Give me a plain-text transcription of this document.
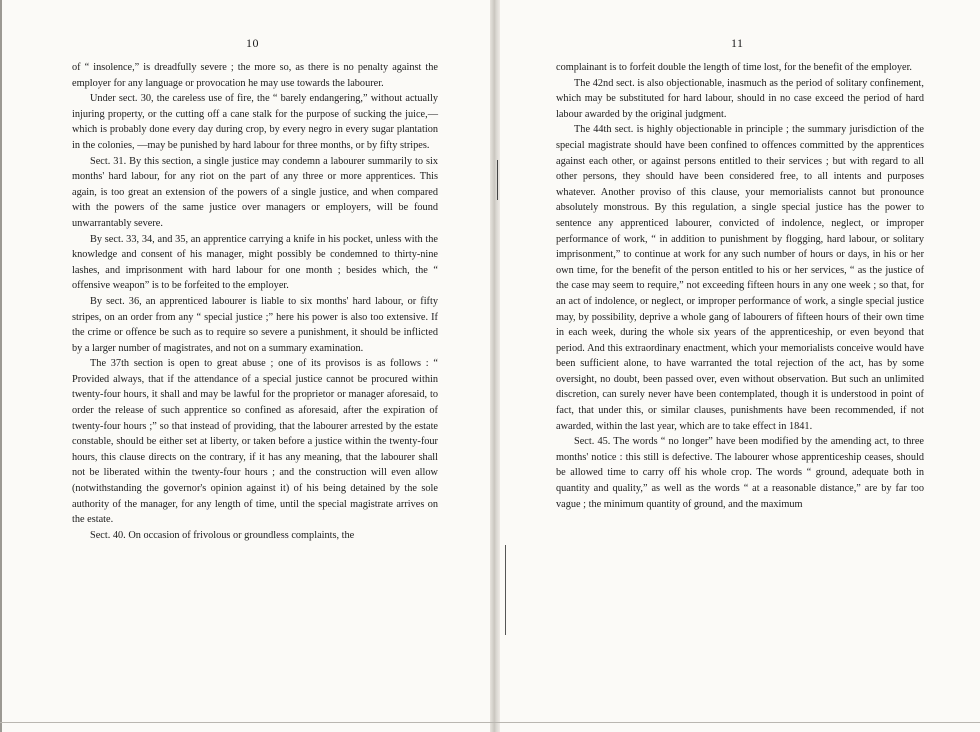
10	11

of “ insolence,” is dreadfully severe ; the more so, as there is no penalty against the employer for any language or provocation he may use towards the labourer.

Under sect. 30, the careless use of fire, the “ barely endangering,” without actually injuring property, or the cutting off a cane stalk for the purpose of sucking the juice,—which is probably done every day during crop, by every negro in every sugar plantation in the colonies, —may be punished by hard labour for three months, or by fifty stripes.

Sect. 31. By this section, a single justice may condemn a labourer summarily to six months' hard labour, for any riot on the part of any three or more apprentices. This again, is too great an extension of the powers of a single justice, and when compared with the powers of the same justice over managers or employers, will be found unwarrantably severe.

By sect. 33, 34, and 35, an apprentice carrying a knife in his pocket, unless with the knowledge and consent of his manager, might possibly be condemned to thirty-nine lashes, and imprisonment with hard labour for one month ; besides which, the “ offensive weapon” is to be forfeited to the employer.

By sect. 36, an apprenticed labourer is liable to six months' hard labour, or fifty stripes, on an order from any “ special justice ;” here his power is also too extensive. If the crime or offence be such as to require so severe a punishment, it should be inflicted by a larger number of magistrates, and not on a summary examination.

The 37th section is open to great abuse ; one of its provisos is as follows : “ Provided always, that if the attendance of a special justice cannot be procured within twenty-four hours, it shall and may be lawful for the proprietor or manager aforesaid, to order the release of such apprentice so confined as aforesaid, after the expiration of twenty-four hours ;” so that instead of providing, that the labourer arrested by the estate constable, should be either set at liberty, or taken before a justice within the twenty-four hours, this clause directs on the contrary, if it has any meaning, that the labourer shall not be liberated within the twenty-four hours ; and the construction will even allow (notwithstanding the governor's opinion against it) of his being detained by the sole authority of the manager, for any length of time, until the special magistrate arrives on the estate.

Sect. 40. On occasion of frivolous or groundless complaints, the

complainant is to forfeit double the length of time lost, for the benefit of the employer.

The 42nd sect. is also objectionable, inasmuch as the period of solitary confinement, which may be substituted for hard labour, should in no case exceed the period of hard labour awarded by the original judgment.

The 44th sect. is highly objectionable in principle ; the summary jurisdiction of the special magistrate should have been confined to offences committed by the apprentices against each other, or against persons entitled to their services ; but with regard to all other persons, they should have been considered free, to all intents and purposes whatever. Another proviso of this clause, your memorialists cannot but pronounce absolutely monstrous. By this regulation, a single special justice has the power to sentence any apprenticed labourer, convicted of indolence, neglect, or improper performance of work, “ in addition to punishment by flogging, hard labour, or solitary imprisonment,” to continue at work for any such number of hours or days, in his or her own time, for the benefit of the person entitled to his or her services, “ as the justice of the case may seem to require,” not exceeding fifteen hours in any one week ; so that, for an act of indolence, or neglect, or improper performance of work, a single special justice may, by possibility, deprive a whole gang of labourers of fifteen hours of their own time in each week, during the whole six years of the apprenticeship, or even beyond that period. And this extraordinary enactment, which your memorialists conceive would have been sufficient alone, to have warranted the total rejection of the act, has by some oversight, no doubt, been passed over, even without observation. But such an unlimited discretion, can surely never have been contemplated, though it is understood in point of fact, that under this, or similar clauses, punishments have been recommended, if not awarded, within the last year, which are to take effect in 1841.

Sect. 45. The words “ no longer” have been modified by the amending act, to three months' notice : this still is defective. The labourer whose apprenticeship ceases, should be allowed time to carry off his whole crop. The words “ ground, adequate both in quantity and quality,” as well as the words “ at a reasonable distance,” are by far too vague ; the minimum quantity of ground, and the maximum
